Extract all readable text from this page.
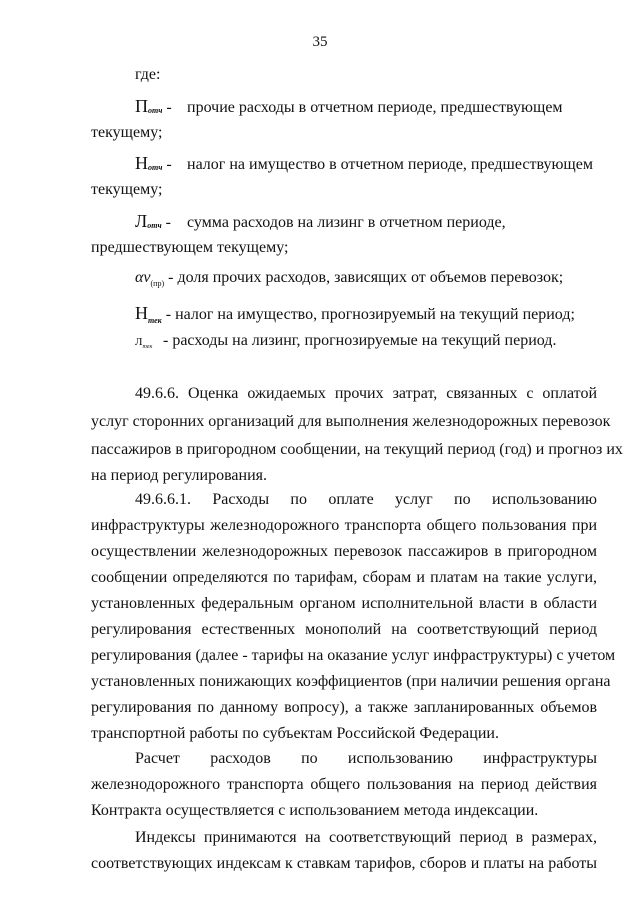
35
где:
$П_{отч}$ - прочие расходы в отчетном периоде, предшествующем
текущему;
$Н_{отч}$ - налог на имущество в отчетном периоде, предшествующем
текущему;
$Л_{отч}$ - сумма расходов на лизинг в отчетном периоде,
предшествующем текущему;
$\alpha v_{(пр)}$ - доля прочих расходов, зависящих от объемов перевозок;
$Н_{тек}$ - налог на имущество, прогнозируемый на текущий период;
$Л_{тек}$ - расходы на лизинг, прогнозируемые на текущий период.
49.6.6. Оценка ожидаемых прочих затрат, связанных с оплатой
услуг сторонних организаций для выполнения железнодорожных перевозок
пассажиров в пригородном сообщении, на текущий период (год) и прогноз их
на период регулирования.
49.6.6.1. Расходы по оплате услуг по использованию
инфраструктуры железнодорожного транспорта общего пользования при
осуществлении железнодорожных перевозок пассажиров в пригородном
сообщении определяются по тарифам, сборам и платам на такие услуги,
установленных федеральным органом исполнительной власти в области
регулирования естественных монополий на соответствующий период
регулирования (далее - тарифы на оказание услуг инфраструктуры) с учетом
установленных понижающих коэффициентов (при наличии решения органа
регулирования по данному вопросу), а также запланированных объемов
транспортной работы по субъектам Российской Федерации.
Расчет расходов по использованию инфраструктуры
железнодорожного транспорта общего пользования на период действия
Контракта осуществляется с использованием метода индексации.
Индексы принимаются на соответствующий период в размерах,
соответствующих индексам к ставкам тарифов, сборов и платы на работы
